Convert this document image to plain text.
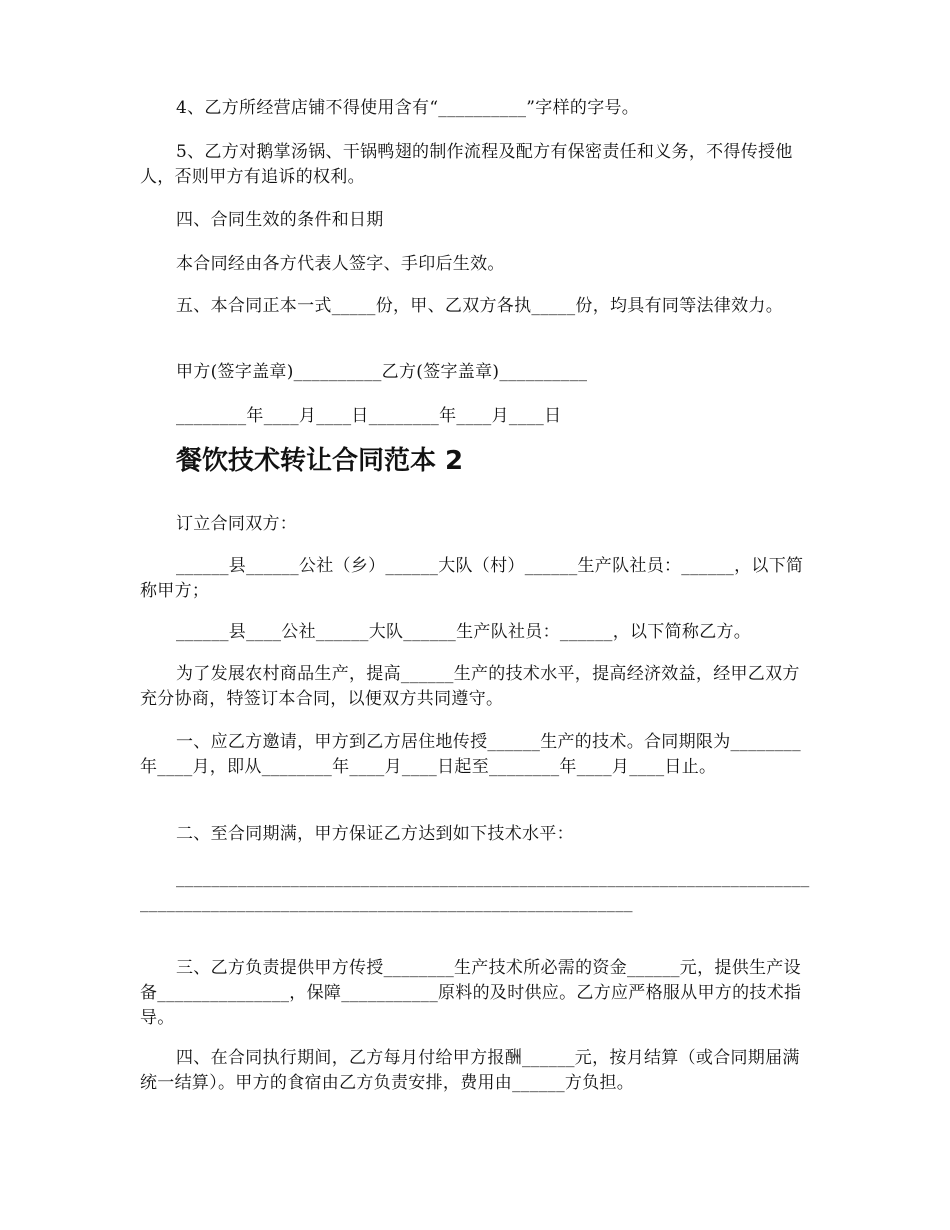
4、乙方所经营店铺不得使用含有“__________”字样的字号。

5、乙方对鹅掌汤锅、干锅鸭翅的制作流程及配方有保密责任和义务，不得传授他人，否则甲方有追诉的权利。

四、合同生效的条件和日期

本合同经由各方代表人签字、手印后生效。

五、本合同正本一式_____份，甲、乙双方各执_____份，均具有同等法律效力。

甲方(签字盖章)__________乙方(签字盖章)__________

________年____月____日________年____月____日

餐饮技术转让合同范本 2

订立合同双方：

______县______公社（乡）______大队（村）______生产队社员：______，以下简称甲方；

______县____公社______大队______生产队社员：______，以下简称乙方。

为了发展农村商品生产，提高______生产的技术水平，提高经济效益，经甲乙双方充分协商，特签订本合同，以便双方共同遵守。

一、应乙方邀请，甲方到乙方居住地传授______生产的技术。合同期限为________年____月，即从________年____月____日起至________年____月____日止。

二、至合同期满，甲方保证乙方达到如下技术水平：

________________________________________________________________________________________________________________________________

三、乙方负责提供甲方传授________生产技术所必需的资金______元，提供生产设备_______________，保障___________原料的及时供应。乙方应严格服从甲方的技术指导。

四、在合同执行期间，乙方每月付给甲方报酬______元，按月结算（或合同期届满统一结算）。甲方的食宿由乙方负责安排，费用由______方负担。
